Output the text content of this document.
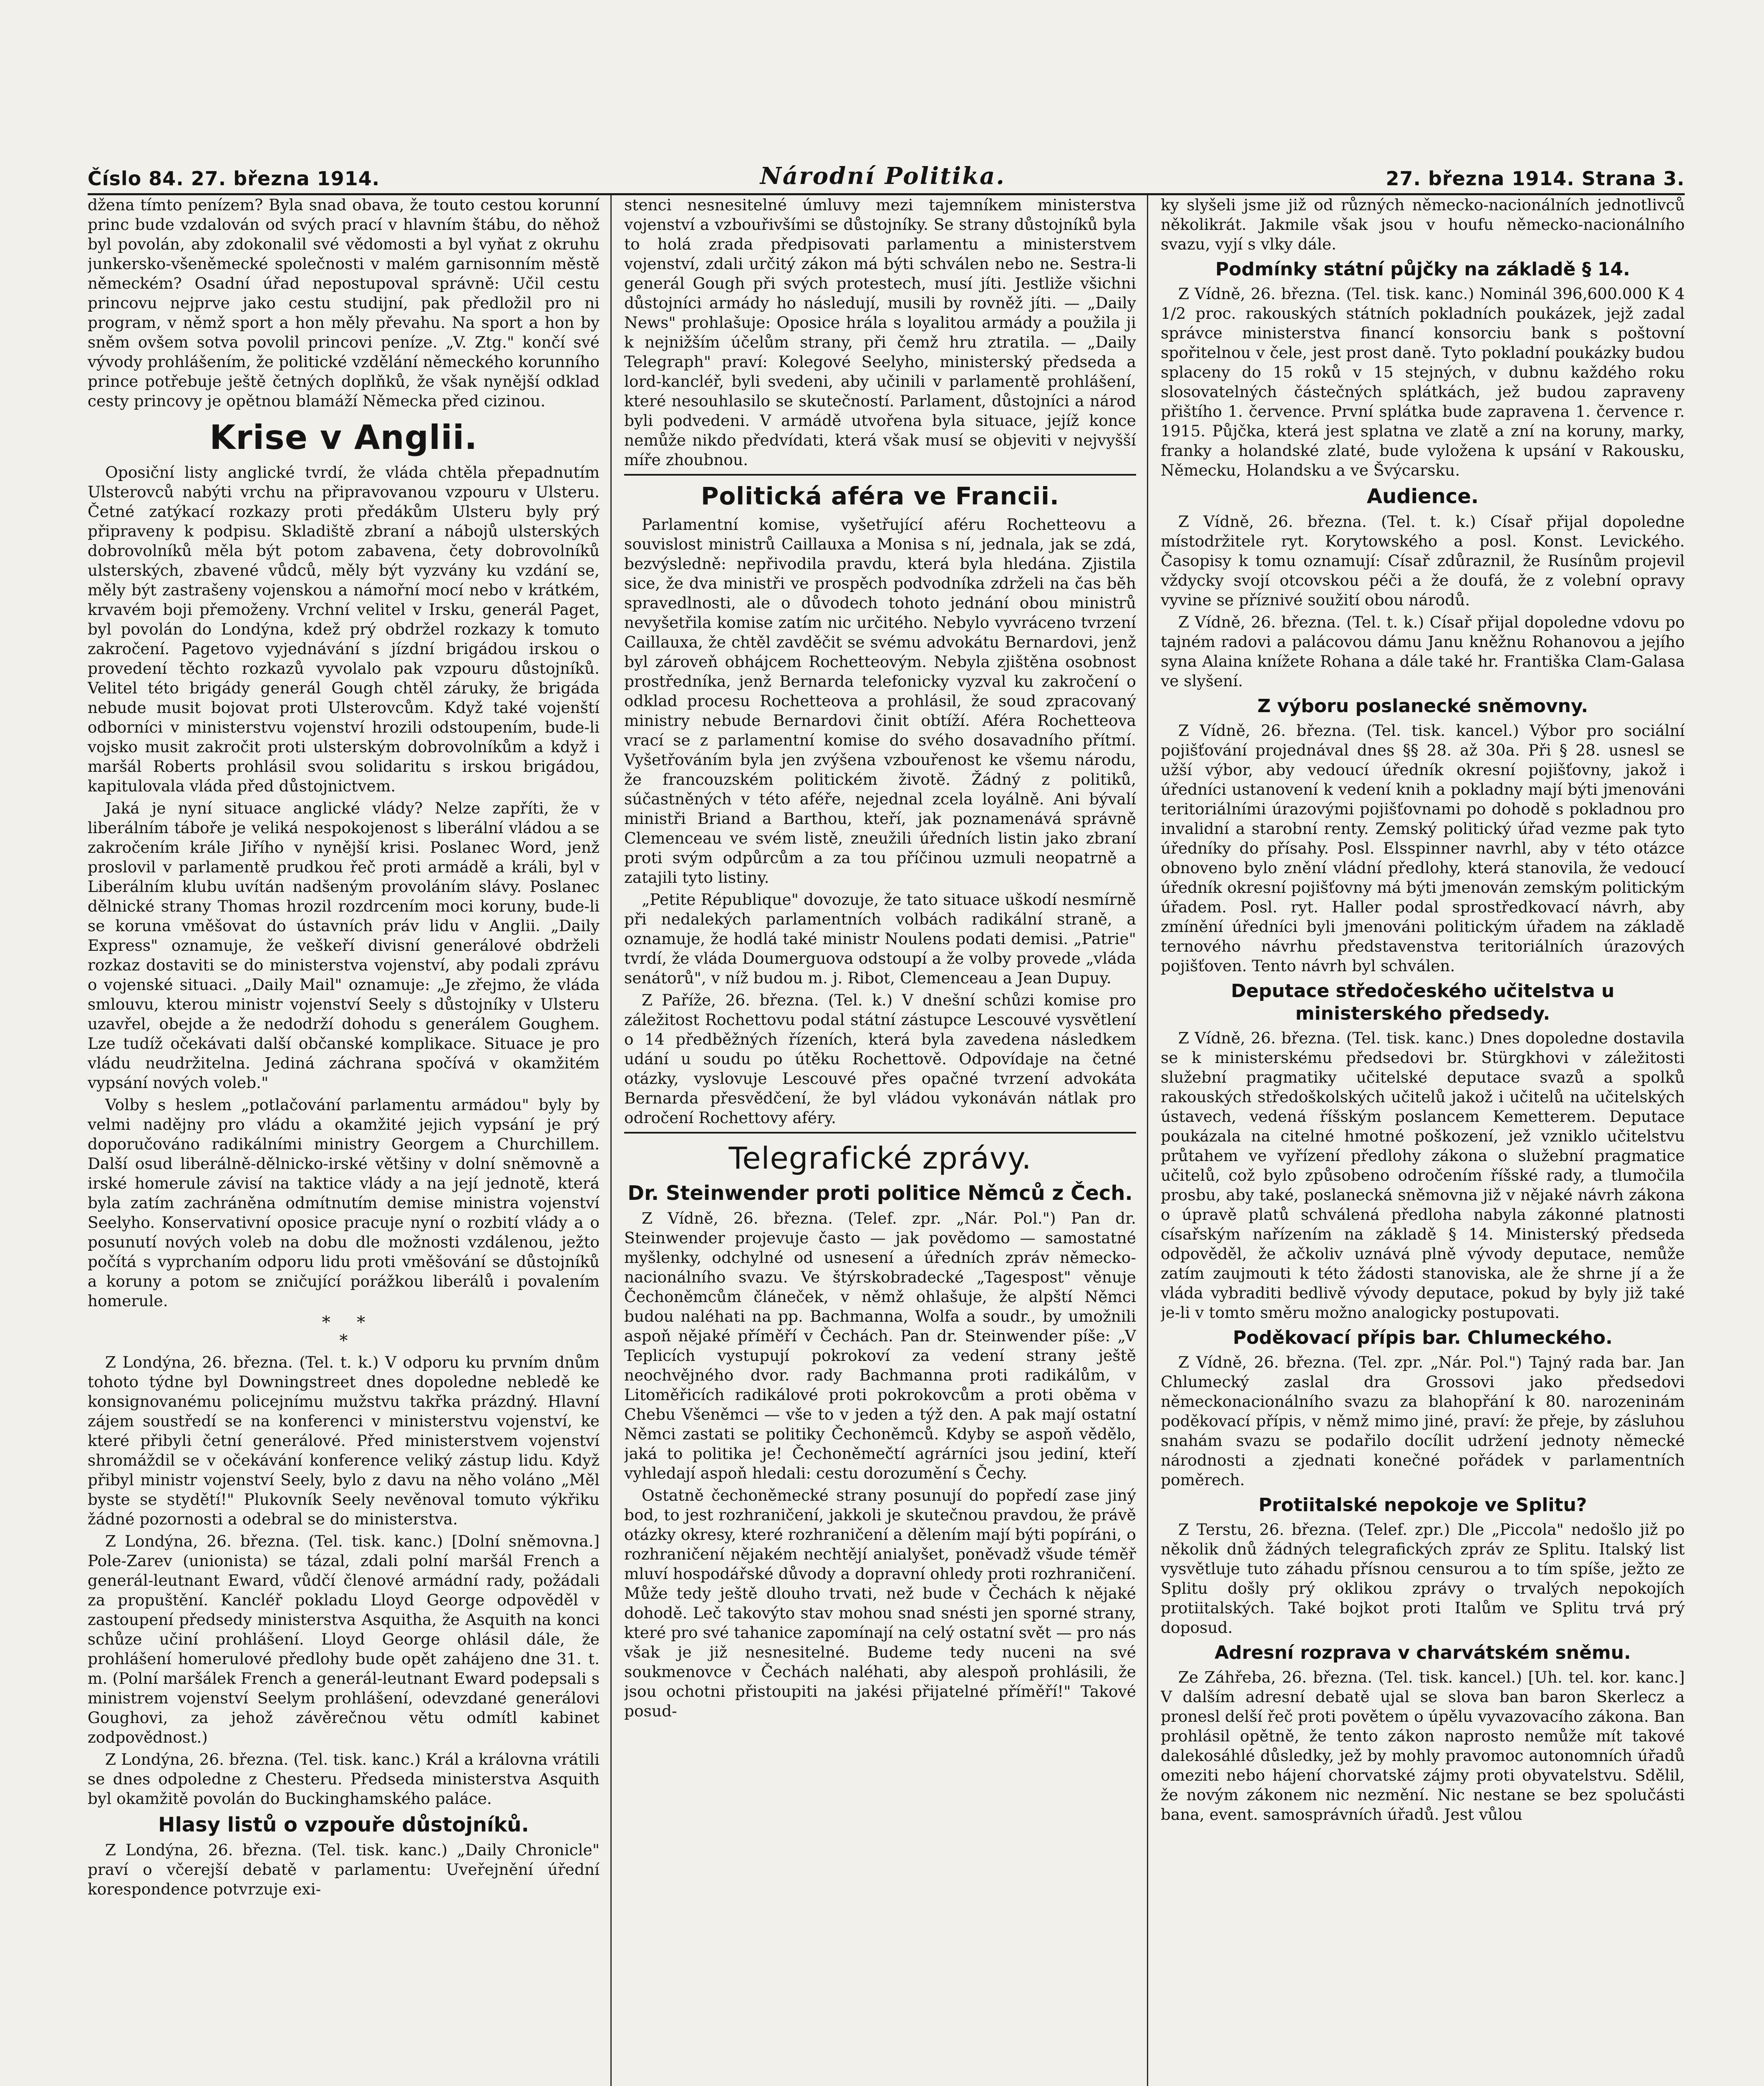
Číslo 84. 27. března 1914.	Národní Politika.	27. března 1914. Strana 3.

džena tímto penízem? Byla snad obava, že touto cestou korunní princ bude vzdalován od svých prací v hlavním štábu, do něhož byl povolán, aby zdokonalil své vědomosti a byl vyňat z okruhu junkersko-všeněmecké společnosti v malém garnisonním městě německém? Osadní úřad nepostupoval správně: Učil cestu princovu nejprve jako cestu studijní, pak předložil pro ni program, v němž sport a hon měly převahu. Na sport a hon by sněm ovšem sotva povolil princovi peníze. „V. Ztg." končí své vývody prohlášením, že politické vzdělání německého korunního prince potřebuje ještě četných doplňků, že však nynější odklad cesty princovy je opětnou blamáží Německa před cizinou.

Krise v Anglii.

Oposiční listy anglické tvrdí, že vláda chtěla přepadnutím Ulsterovců nabýti vrchu na připravovanou vzpouru v Ulsteru. Četné zatýkací rozkazy proti předákům Ulsteru byly prý připraveny k podpisu. Skladiště zbraní a nábojů ulsterských dobrovolníků měla být potom zabavena, čety dobrovolníků ulsterských, zbavené vůdců, měly být vyzvány ku vzdání se, měly být zastrašeny vojenskou a námořní mocí nebo v krátkém, krvavém boji přemoženy. Vrchní velitel v Irsku, generál Paget, byl povolán do Londýna, kdež prý obdržel rozkazy k tomuto zakročení. Pagetovo vyjednávání s jízdní brigádou irskou o provedení těchto rozkazů vyvolalo pak vzpouru důstojníků. Velitel této brigády generál Gough chtěl záruky, že brigáda nebude musit bojovat proti Ulsterovcům. Když také vojenští odborníci v ministerstvu vojenství hrozili odstoupením, bude-li vojsko musit zakročit proti ulsterským dobrovolníkům a když i maršál Roberts prohlásil svou solidaritu s irskou brigádou, kapitulovala vláda před důstojnictvem.

Jaká je nyní situace anglické vlády? Nelze zapříti, že v liberálním táboře je veliká nespokojenost s liberální vládou a se zakročením krále Jiřího v nynější krisi. Poslanec Word, jenž proslovil v parlamentě prudkou řeč proti armádě a králi, byl v Liberálním klubu uvítán nadšeným provoláním slávy. Poslanec dělnické strany Thomas hrozil rozdrcením moci koruny, bude-li se koruna vměšovat do ústavních práv lidu v Anglii. „Daily Express" oznamuje, že veškeří divisní generálové obdrželi rozkaz dostaviti se do ministerstva vojenství, aby podali zprávu o vojenské situaci. „Daily Mail" oznamuje: „Je zřejmo, že vláda smlouvu, kterou ministr vojenství Seely s důstojníky v Ulsteru uzavřel, obejde a že nedodrží dohodu s generálem Goughem. Lze tudíž očekávati další občanské komplikace. Situace je pro vládu neudržitelna. Jediná záchrana spočívá v okamžitém vypsání nových voleb."

Volby s heslem „potlačování parlamentu armádou" byly by velmi nadějny pro vládu a okamžité jejich vypsání je prý doporučováno radikálními ministry Georgem a Churchillem. Další osud liberálně-dělnicko-irské většiny v dolní sněmovně a irské homerule závisí na taktice vlády a na její jednotě, která byla zatím zachráněna odmítnutím demise ministra vojenství Seelyho. Konservativní oposice pracuje nyní o rozbití vlády a o posunutí nových voleb na dobu dle možnosti vzdálenou, ježto počítá s vyprchaním odporu lidu proti vměšování se důstojníků a koruny a potom se zničující porážkou liberálů i povalením homerule.

*     *
*

Z Londýna, 26. března. (Tel. t. k.) V odporu ku prvním dnům tohoto týdne byl Downingstreet dnes dopoledne nebledě ke konsignovanému policejnímu mužstvu takřka prázdný. Hlavní zájem soustředí se na konferenci v ministerstvu vojenství, ke které přibyli četní generálové. Před ministerstvem vojenství shromáždil se v očekávání konference veliký zástup lidu. Když přibyl ministr vojenství Seely, bylo z davu na něho voláno „Měl byste se stydětí!" Plukovník Seely nevěnoval tomuto výkřiku žádné pozornosti a odebral se do ministerstva.

Z Londýna, 26. března. (Tel. tisk. kanc.) [Dolní sněmovna.] Pole-Zarev (unionista) se tázal, zdali polní maršál French a generál-leutnant Eward, vůdčí členové armádní rady, požádali za propuštění. Kancléř pokladu Lloyd George odpověděl v zastoupení předsedy ministerstva Asquitha, že Asquith na konci schůze učiní prohlášení. Lloyd George ohlásil dále, že prohlášení homerulové předlohy bude opět zahájeno dne 31. t. m. (Polní maršálek French a generál-leutnant Eward podepsali s ministrem vojenství Seelym prohlášení, odevzdané generálovi Goughovi, za jehož závěrečnou větu odmítl kabinet zodpovědnost.)

Z Londýna, 26. března. (Tel. tisk. kanc.) Král a královna vrátili se dnes odpoledne z Chesteru. Předseda ministerstva Asquith byl okamžitě povolán do Buckinghamského paláce.

Hlasy listů o vzpouře důstojníků.

Z Londýna, 26. března. (Tel. tisk. kanc.) „Daily Chronicle" praví o včerejší debatě v parlamentu: Uveřejnění úřední korespondence potvrzuje exi-

stenci nesnesitelné úmluvy mezi tajemníkem ministerstva vojenství a vzbouřivšími se důstojníky. Se strany důstojníků byla to holá zrada předpisovati parlamentu a ministerstvem vojenství, zdali určitý zákon má býti schválen nebo ne. Sestra-li generál Gough při svých protestech, musí jíti. Jestliže všichni důstojníci armády ho následují, musili by rovněž jíti. — „Daily News" prohlašuje: Oposice hrála s loyalitou armády a použila ji k nejnižším účelům strany, při čemž hru ztratila. — „Daily Telegraph" praví: Kolegové Seelyho, ministerský předseda a lord-kancléř, byli svedeni, aby učinili v parlamentě prohlášení, které nesouhlasilo se skutečností. Parlament, důstojníci a národ byli podvedeni. V armádě utvořena byla situace, jejíž konce nemůže nikdo předvídati, která však musí se objeviti v nejvyšší míře zhoubnou.

Politická aféra ve Francii.

Parlamentní komise, vyšetřující aféru Rochetteovu a souvislost ministrů Caillauxa a Monisa s ní, jednala, jak se zdá, bezvýsledně: nepřivodila pravdu, která byla hledána. Zjistila sice, že dva ministři ve prospěch podvodníka zdrželi na čas běh spravedlnosti, ale o důvodech tohoto jednání obou ministrů nevyšetřila komise zatím nic určitého. Nebylo vyvráceno tvrzení Caillauxa, že chtěl zavděčit se svému advokátu Bernardovi, jenž byl zároveň obhájcem Rochetteovým. Nebyla zjištěna osobnost prostředníka, jenž Bernarda telefonicky vyzval ku zakročení o odklad procesu Rochetteova a prohlásil, že soud zpracovaný ministry nebude Bernardovi činit obtíží. Aféra Rochetteova vrací se z parlamentní komise do svého dosavadního přítmí. Vyšetřováním byla jen zvýšena vzbouřenost ke všemu národu, že francouzském politickém životě. Žádný z politiků, súčastněných v této aféře, nejednal zcela loyálně. Ani bývalí ministři Briand a Barthou, kteří, jak poznamenává správně Clemenceau ve svém listě, zneužili úředních listin jako zbraní proti svým odpůrcům a za tou příčinou uzmuli neopatrně a zatajili tyto listiny.

„Petite République" dovozuje, že tato situace uškodí nesmírně při nedalekých parlamentních volbách radikální straně, a oznamuje, že hodlá také ministr Noulens podati demisi. „Patrie" tvrdí, že vláda Doumerguova odstoupí a že volby provede „vláda senátorů", v níž budou m. j. Ribot, Clemenceau a Jean Dupuy.

Z Paříže, 26. března. (Tel. k.) V dnešní schůzi komise pro záležitost Rochettovu podal státní zástupce Lescouvé vysvětlení o 14 předběžných řízeních, která byla zavedena následkem udání u soudu po útěku Rochettově. Odpovídaje na četné otázky, vyslovuje Lescouvé přes opačné tvrzení advokáta Bernarda přesvědčení, že byl vládou vykonáván nátlak pro odročení Rochettovy aféry.

Telegrafické zprávy.
Dr. Steinwender proti politice Němců z Čech.

Z Vídně, 26. března. (Telef. zpr. „Nár. Pol.") Pan dr. Steinwender projevuje často — jak povědomo — samostatné myšlenky, odchylné od usnesení a úředních zpráv německo-nacionálního svazu. Ve štýrskobradecké „Tagespost" věnuje Čechoněmcům článeček, v němž ohlašuje, že alpští Němci budou naléhati na pp. Bachmanna, Wolfa a soudr., by umožnili aspoň nějaké příměří v Čechách. Pan dr. Steinwender píše: „V Teplicích vystupují pokrokoví za vedení strany ještě neochvějného dvor. rady Bachmanna proti radikálům, v Litoměřicích radikálové proti pokrokovcům a proti oběma v Chebu Všeněmci — vše to v jeden a týž den. A pak mají ostatní Němci zastati se politiky Čechoněmců. Kdyby se aspoň vědělo, jaká to politika je! Čechoněmečtí agrárníci jsou jediní, kteří vyhledají aspoň hledali: cestu dorozumění s Čechy.

Ostatně čechoněmecké strany posunují do popředí zase jiný bod, to jest rozhraničení, jakkoli je skutečnou pravdou, že právě otázky okresy, které rozhraničení a dělením mají býti popíráni, o rozhraničení nějakém nechtějí anialyšet, poněvadž všude téměř mluví hospodářské důvody a dopravní ohledy proti rozhraničení. Může tedy ještě dlouho trvati, než bude v Čechách k nějaké dohodě. Leč takovýto stav mohou snad snésti jen sporné strany, které pro své tahanice zapomínají na celý ostatní svět — pro nás však je již nesnesitelné. Budeme tedy nuceni na své soukmenovce v Čechách naléhati, aby alespoň prohlásili, že jsou ochotni přistoupiti na jakési přijatelné příměří!" Takové posud-

ky slyšeli jsme již od různých německo-nacionálních jednotlivců několikrát. Jakmile však jsou v houfu německo-nacionálního svazu, vyjí s vlky dále.

Podmínky státní půjčky na základě § 14.

Z Vídně, 26. března. (Tel. tisk. kanc.) Nominál 396,600.000 K 4 1/2 proc. rakouských státních pokladních poukázek, jejž zadal správce ministerstva financí konsorciu bank s poštovní spořitelnou v čele, jest prost daně. Tyto pokladní poukázky budou splaceny do 15 roků v 15 stejných, v dubnu každého roku slosovatelných částečných splátkách, jež budou zapraveny přištího 1. července. První splátka bude zapravena 1. července r. 1915. Půjčka, která jest splatna ve zlatě a zní na koruny, marky, franky a holandské zlaté, bude vyložena k upsání v Rakousku, Německu, Holandsku a ve Švýcarsku.

Audience.

Z Vídně, 26. března. (Tel. t. k.) Císař přijal dopoledne místodržitele ryt. Korytowského a posl. Konst. Levického. Časopisy k tomu oznamují: Císař zdůraznil, že Rusínům projevil vždycky svojí otcovskou péči a že doufá, že z volební opravy vyvine se příznivé soužití obou národů.

Z Vídně, 26. března. (Tel. t. k.) Císař přijal dopoledne vdovu po tajném radovi a palácovou dámu Janu kněžnu Rohanovou a jejího syna Alaina knížete Rohana a dále také hr. Františka Clam-Galasa ve slyšení.

Z výboru poslanecké sněmovny.

Z Vídně, 26. března. (Tel. tisk. kancel.) Výbor pro sociální pojišťování projednával dnes §§ 28. až 30a. Při § 28. usnesl se užší výbor, aby vedoucí úředník okresní pojišťovny, jakož i úředníci ustanovení k vedení knih a pokladny mají býti jmenováni teritoriálními úrazovými pojišťovnami po dohodě s pokladnou pro invalidní a starobní renty. Zemský politický úřad vezme pak tyto úředníky do přísahy. Posl. Elsspinner navrhl, aby v této otázce obnoveno bylo znění vládní předlohy, která stanovila, že vedoucí úředník okresní pojišťovny má býti jmenován zemským politickým úřadem. Posl. ryt. Haller podal sprostředkovací návrh, aby zmínění úředníci byli jmenováni politickým úřadem na základě ternového návrhu představenstva teritoriálních úrazových pojišťoven. Tento návrh byl schválen.

Deputace středočeského učitelstva u ministerského předsedy.

Z Vídně, 26. března. (Tel. tisk. kanc.) Dnes dopoledne dostavila se k ministerskému předsedovi br. Stürgkhovi v záležitosti služební pragmatiky učitelské deputace svazů a spolků rakouských středoškolských učitelů jakož i učitelů na učitelských ústavech, vedená říšským poslancem Kemetterem. Deputace poukázala na citelné hmotné poškození, jež vzniklo učitelstvu průtahem ve vyřízení předlohy zákona o služební pragmatice učitelů, což bylo způsobeno odročením říšské rady, a tlumočila prosbu, aby také, poslanecká sněmovna již v nějaké návrh zákona o úpravě platů schválená předloha nabyla zákonné platnosti císařským nařízením na základě § 14. Ministerský předseda odpověděl, že ačkoliv uznává plně vývody deputace, nemůže zatím zaujmouti k této žádosti stanoviska, ale že shrne jí a že vláda vybraditi bedlivě vývody deputace, pokud by byly již také je-li v tomto směru možno analogicky postupovati.

Poděkovací přípis bar. Chlumeckého.

Z Vídně, 26. března. (Tel. zpr. „Nár. Pol.") Tajný rada bar. Jan Chlumecký zaslal dra Grossovi jako předsedovi německonacionálního svazu za blahopřání k 80. narozeninám poděkovací přípis, v němž mimo jiné, praví: že přeje, by zásluhou snahám svazu se podařilo docílit udržení jednoty německé národnosti a zjednati konečné pořádek v parlamentních poměrech.

Protiitalské nepokoje ve Splitu?

Z Terstu, 26. března. (Telef. zpr.) Dle „Piccola" nedošlo již po několik dnů žádných telegrafických zpráv ze Splitu. Italský list vysvětluje tuto záhadu přísnou censurou a to tím spíše, ježto ze Splitu došly prý oklikou zprávy o trvalých nepokojích protiitalských. Také bojkot proti Italům ve Splitu trvá prý doposud.

Adresní rozprava v charvátském sněmu.

Ze Záhřeba, 26. března. (Tel. tisk. kancel.) [Uh. tel. kor. kanc.] V dalším adresní debatě ujal se slova ban baron Skerlecz a pronesl delší řeč proti povětem o úpělu vyvazovacího zákona. Ban prohlásil opětně, že tento zákon naprosto nemůže mít takové dalekosáhlé důsledky, jež by mohly pravomoc autonomních úřadů omeziti nebo hájení chorvatské zájmy proti obyvatelstvu. Sdělil, že novým zákonem nic nezmění. Nic nestane se bez spolučásti bana, event. samosprávních úřadů. Jest vůlou
